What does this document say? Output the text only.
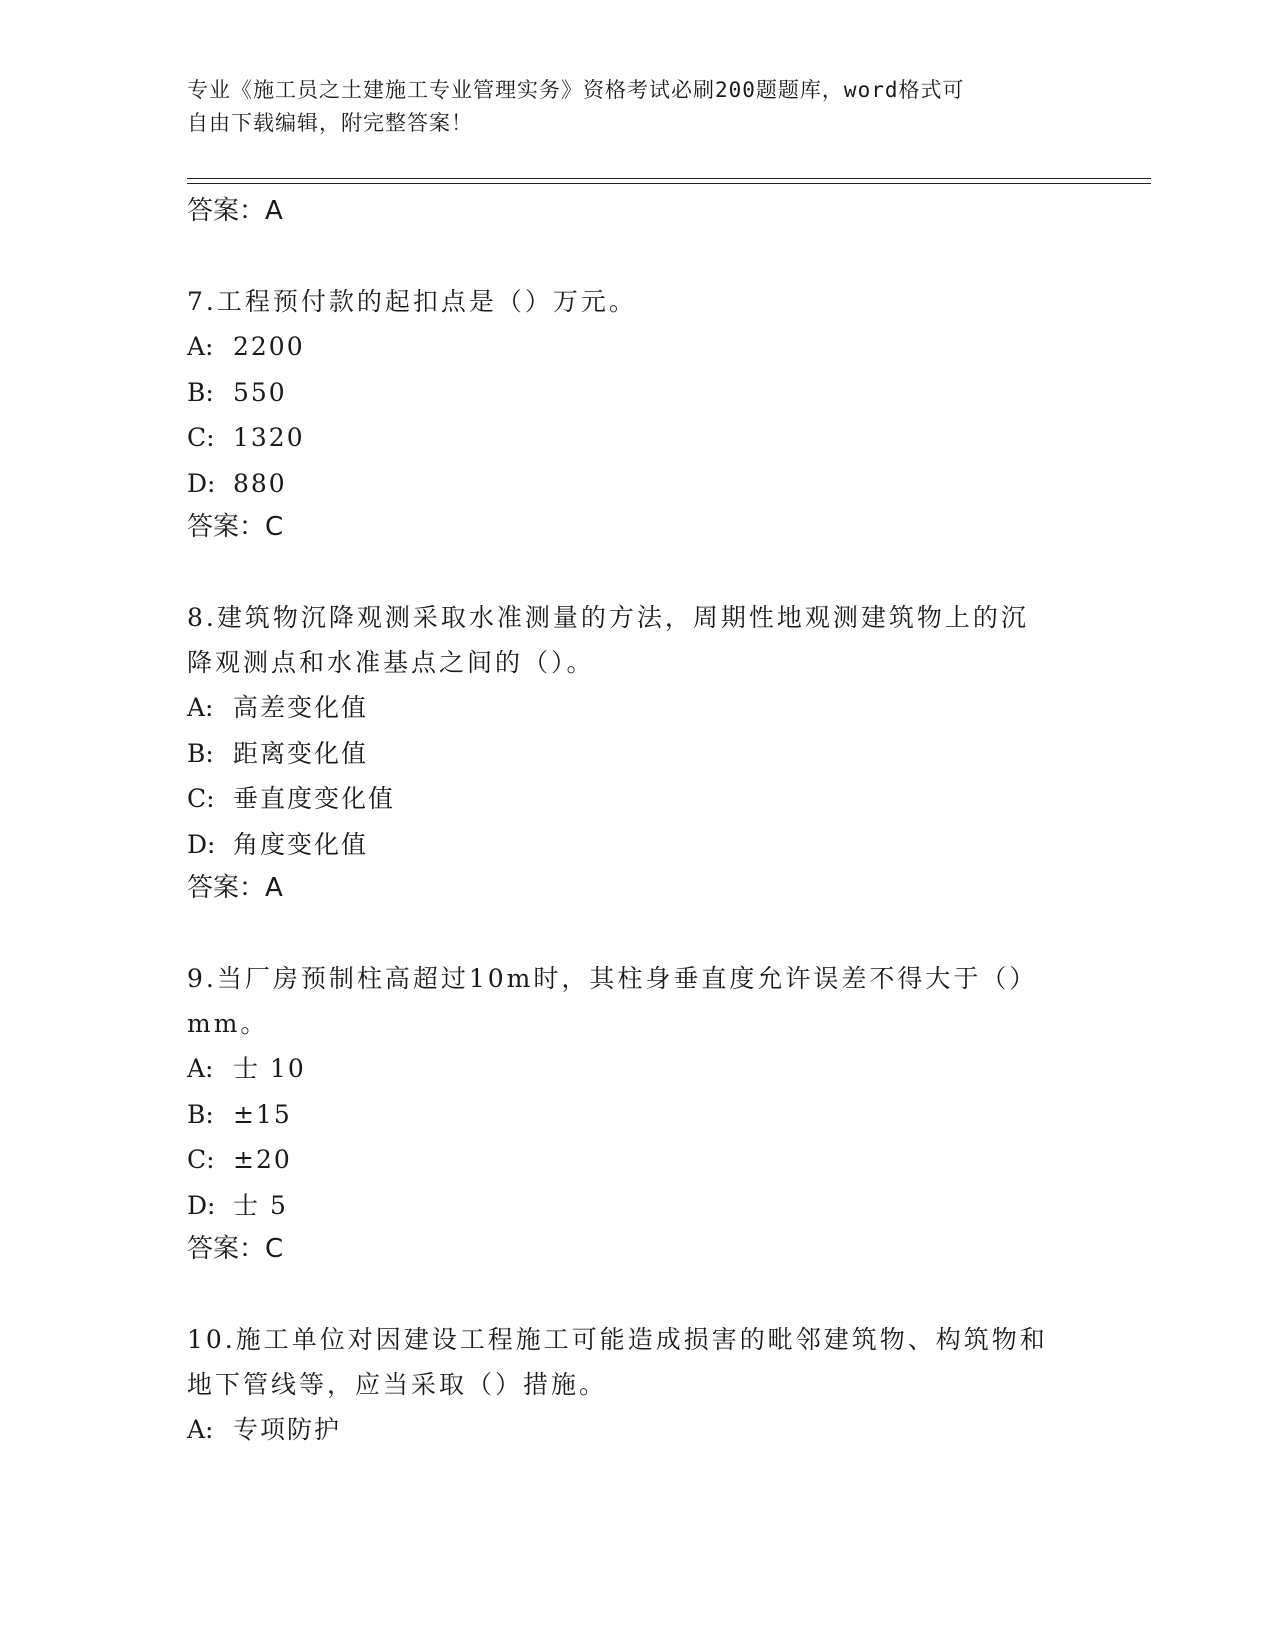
专业《施工员之土建施工专业管理实务》资格考试必刷200题题库，word格式可
自由下载编辑，附完整答案！

答案：A

7.工程预付款的起扣点是（）万元。

A: 2200

B: 550

C: 1320

D: 880

答案：C

8.建筑物沉降观测采取水准测量的方法，周期性地观测建筑物上的沉

降观测点和水准基点之间的（）。

A: 高差变化值

B: 距离变化值

C: 垂直度变化值

D: 角度变化值

答案：A

9.当厂房预制柱高超过10m时，其柱身垂直度允许误差不得大于（）

mm。

A: 士 10

B: ±15

C: ±20

D: 士 5

答案：C

10.施工单位对因建设工程施工可能造成损害的毗邻建筑物、构筑物和

地下管线等，应当采取（）措施。

A: 专项防护
